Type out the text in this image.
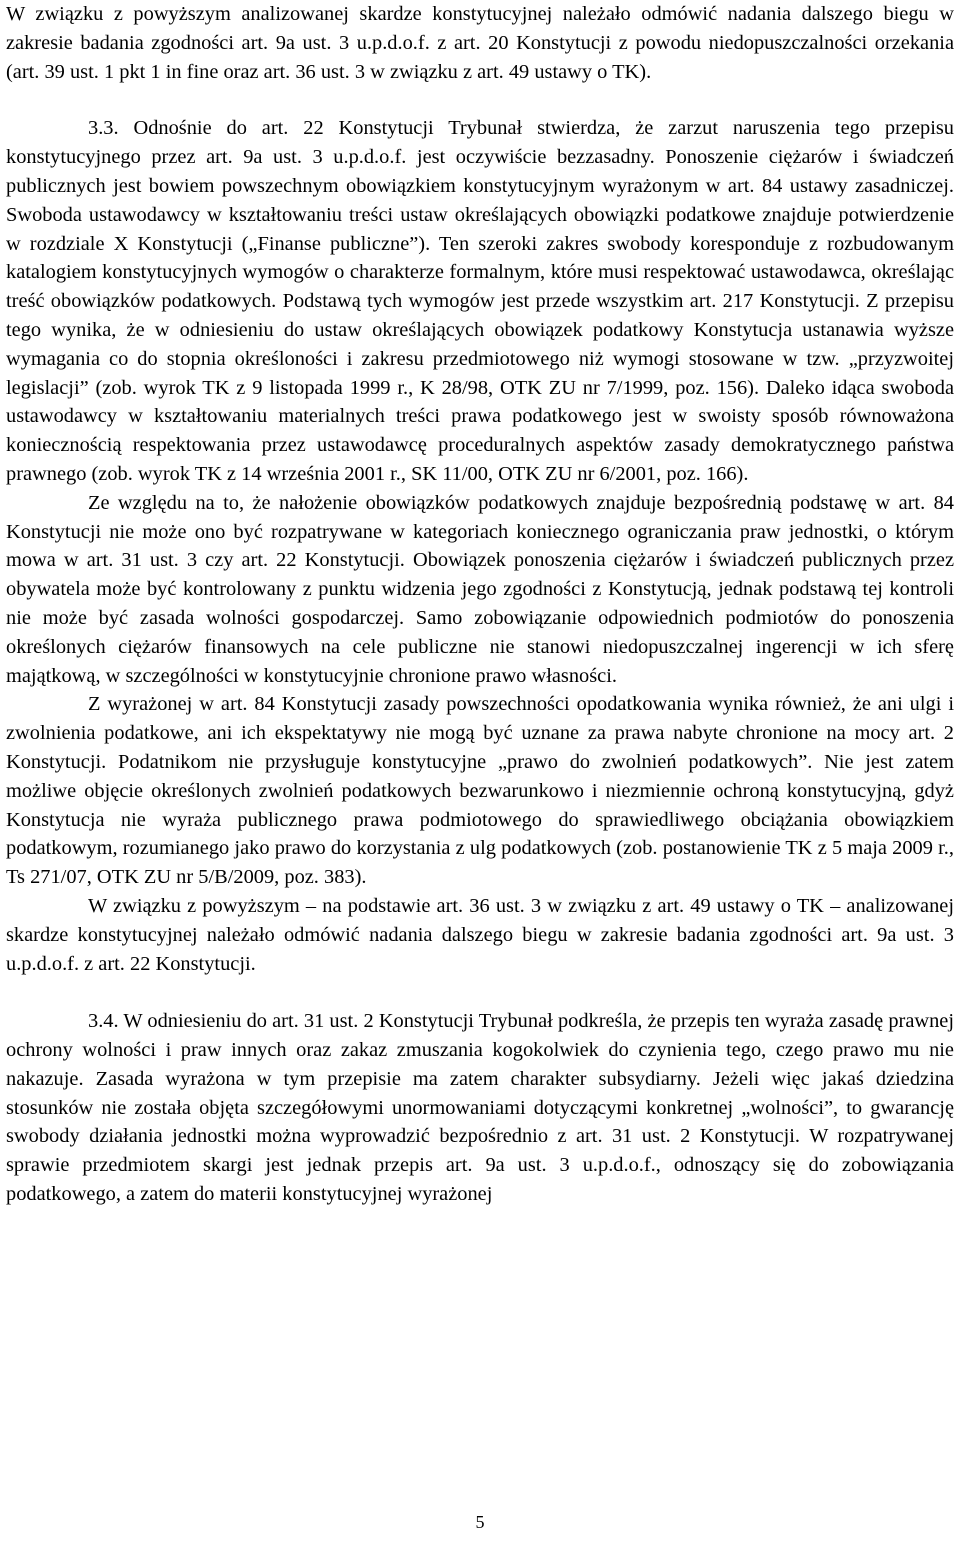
W związku z powyższym analizowanej skardze konstytucyjnej należało odmówić nadania dalszego biegu w zakresie badania zgodności art. 9a ust. 3 u.p.d.o.f. z art. 20 Konstytucji z powodu niedopuszczalności orzekania (art. 39 ust. 1 pkt 1 in fine oraz art. 36 ust. 3 w związku z art. 49 ustawy o TK).

3.3. Odnośnie do art. 22 Konstytucji Trybunał stwierdza, że zarzut naruszenia tego przepisu konstytucyjnego przez art. 9a ust. 3 u.p.d.o.f. jest oczywiście bezzasadny. Ponoszenie ciężarów i świadczeń publicznych jest bowiem powszechnym obowiązkiem konstytucyjnym wyrażonym w art. 84 ustawy zasadniczej. Swoboda ustawodawcy w kształtowaniu treści ustaw określających obowiązki podatkowe znajduje potwierdzenie w rozdziale X Konstytucji („Finanse publiczne”). Ten szeroki zakres swobody koresponduje z rozbudowanym katalogiem konstytucyjnych wymogów o charakterze formalnym, które musi respektować ustawodawca, określając treść obowiązków podatkowych. Podstawą tych wymogów jest przede wszystkim art. 217 Konstytucji. Z przepisu tego wynika, że w odniesieniu do ustaw określających obowiązek podatkowy Konstytucja ustanawia wyższe wymagania co do stopnia określoności i zakresu przedmiotowego niż wymogi stosowane w tzw. „przyzwoitej legislacji” (zob. wyrok TK z 9 listopada 1999 r., K 28/98, OTK ZU nr 7/1999, poz. 156). Daleko idąca swoboda ustawodawcy w kształtowaniu materialnych treści prawa podatkowego jest w swoisty sposób równoważona koniecznością respektowania przez ustawodawcę proceduralnych aspektów zasady demokratycznego państwa prawnego (zob. wyrok TK z 14 września 2001 r., SK 11/00, OTK ZU nr 6/2001, poz. 166).

Ze względu na to, że nałożenie obowiązków podatkowych znajduje bezpośrednią podstawę w art. 84 Konstytucji nie może ono być rozpatrywane w kategoriach koniecznego ograniczania praw jednostki, o którym mowa w art. 31 ust. 3 czy art. 22 Konstytucji. Obowiązek ponoszenia ciężarów i świadczeń publicznych przez obywatela może być kontrolowany z punktu widzenia jego zgodności z Konstytucją, jednak podstawą tej kontroli nie może być zasada wolności gospodarczej. Samo zobowiązanie odpowiednich podmiotów do ponoszenia określonych ciężarów finansowych na cele publiczne nie stanowi niedopuszczalnej ingerencji w ich sferę majątkową, w szczególności w konstytucyjnie chronione prawo własności.

Z wyrażonej w art. 84 Konstytucji zasady powszechności opodatkowania wynika również, że ani ulgi i zwolnienia podatkowe, ani ich ekspektatywy nie mogą być uznane za prawa nabyte chronione na mocy art. 2 Konstytucji. Podatnikom nie przysługuje konstytucyjne „prawo do zwolnień podatkowych”. Nie jest zatem możliwe objęcie określonych zwolnień podatkowych bezwarunkowo i niezmiennie ochroną konstytucyjną, gdyż Konstytucja nie wyraża publicznego prawa podmiotowego do sprawiedliwego obciążania obowiązkiem podatkowym, rozumianego jako prawo do korzystania z ulg podatkowych (zob. postanowienie TK z 5 maja 2009 r., Ts 271/07, OTK ZU nr 5/B/2009, poz. 383).

W związku z powyższym – na podstawie art. 36 ust. 3 w związku z art. 49 ustawy o TK – analizowanej skardze konstytucyjnej należało odmówić nadania dalszego biegu w zakresie badania zgodności art. 9a ust. 3 u.p.d.o.f. z art. 22 Konstytucji.

3.4. W odniesieniu do art. 31 ust. 2 Konstytucji Trybunał podkreśla, że przepis ten wyraża zasadę prawnej ochrony wolności i praw innych oraz zakaz zmuszania kogokolwiek do czynienia tego, czego prawo mu nie nakazuje. Zasada wyrażona w tym przepisie ma zatem charakter subsydiarny. Jeżeli więc jakaś dziedzina stosunków nie została objęta szczegółowymi unormowaniami dotyczącymi konkretnej „wolności”, to gwarancję swobody działania jednostki można wyprowadzić bezpośrednio z art. 31 ust. 2 Konstytucji. W rozpatrywanej sprawie przedmiotem skargi jest jednak przepis art. 9a ust. 3 u.p.d.o.f., odnoszący się do zobowiązania podatkowego, a zatem do materii konstytucyjnej wyrażonej

5
